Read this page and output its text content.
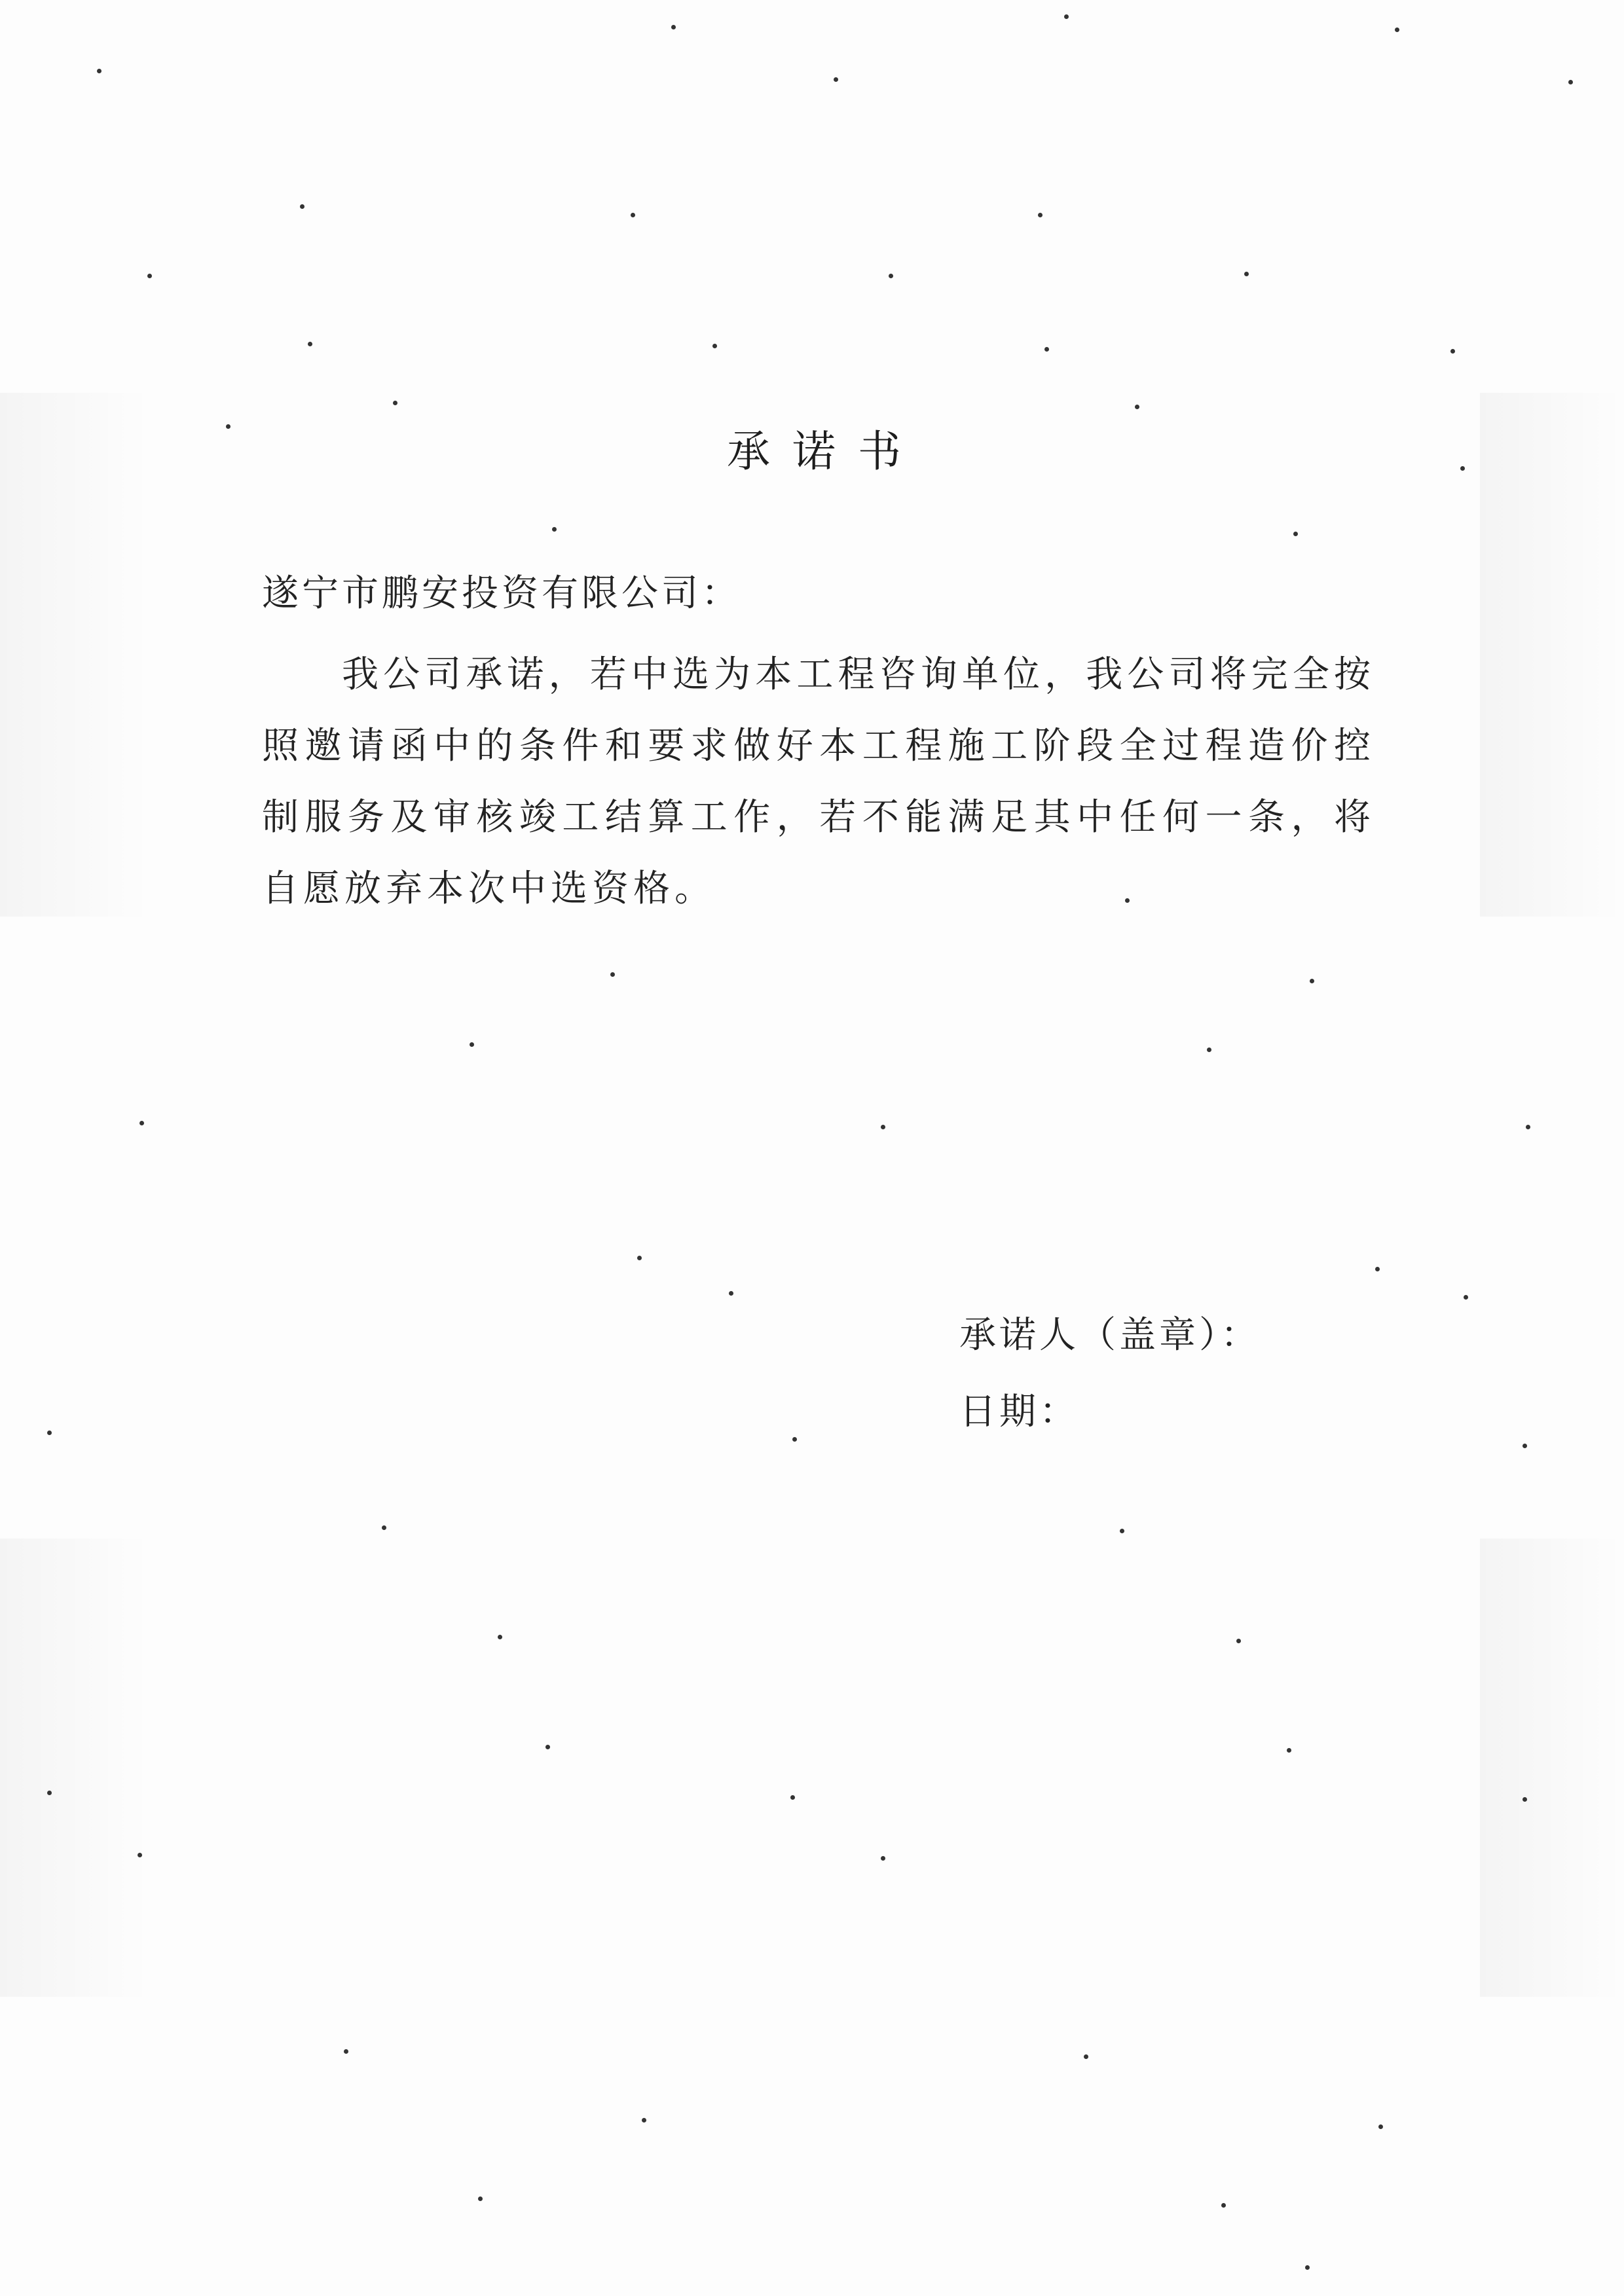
承诺书
遂宁市鹏安投资有限公司：
我公司承诺，若中选为本工程咨询单位，我公司将完全按照邀请函中的条件和要求做好本工程施工阶段全过程造价控制服务及审核竣工结算工作，若不能满足其中任何一条，将自愿放弃本次中选资格。
承诺人（盖章）：
日期：
